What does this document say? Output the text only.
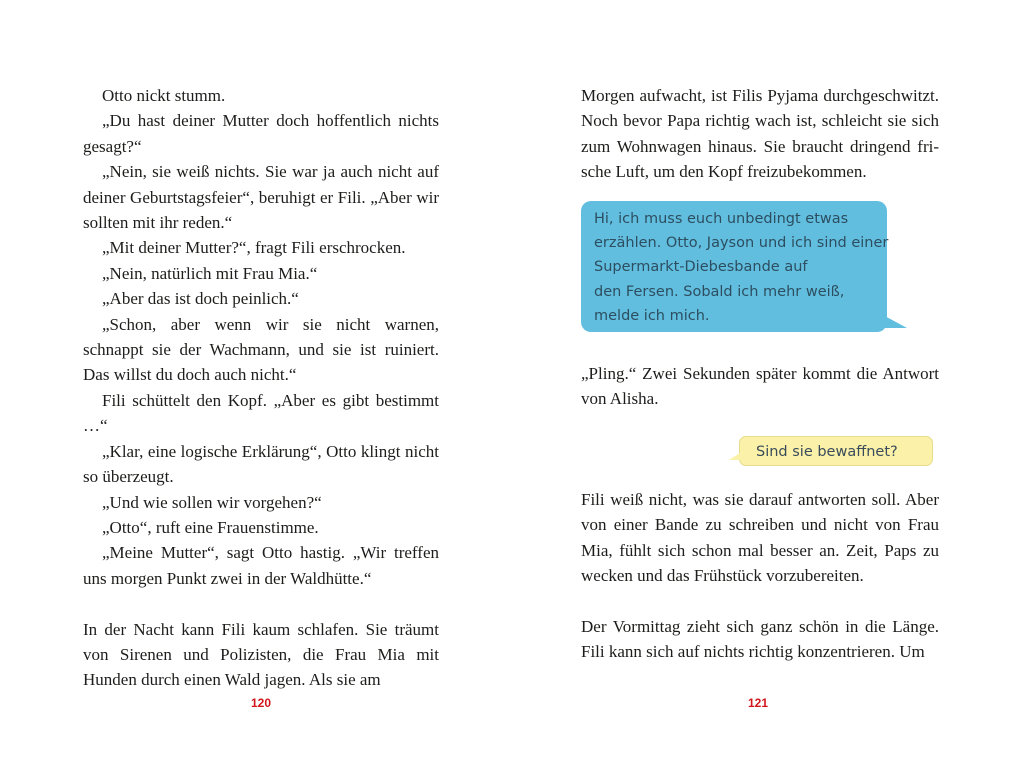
Otto nickt stumm.

„Du hast deiner Mutter doch hoffentlich nichts gesagt?“

„Nein, sie weiß nichts. Sie war ja auch nicht auf deiner Geburtstagsfeier“, beruhigt er Fili. „Aber wir sollten mit ihr reden.“

„Mit deiner Mutter?“, fragt Fili erschrocken.

„Nein, natürlich mit Frau Mia.“

„Aber das ist doch peinlich.“

„Schon, aber wenn wir sie nicht warnen, schnappt sie der Wachmann, und sie ist ruiniert. Das willst du doch auch nicht.“

Fili schüttelt den Kopf. „Aber es gibt bestimmt …“

„Klar, eine logische Erklärung“, Otto klingt nicht so überzeugt.

„Und wie sollen wir vorgehen?“

„Otto“, ruft eine Frauenstimme.

„Meine Mutter“, sagt Otto hastig. „Wir treffen uns morgen Punkt zwei in der Waldhütte.“

In der Nacht kann Fili kaum schlafen. Sie träumt von Sirenen und Polizisten, die Frau Mia mit Hunden durch einen Wald jagen. Als sie am

120

Morgen aufwacht, ist Filis Pyjama durchgeschwitzt. Noch bevor Papa richtig wach ist, schleicht sie sich zum Wohnwagen hinaus. Sie braucht dringend fri-sche Luft, um den Kopf freizubekommen.

Hi, ich muss euch unbedingt etwas
erzählen. Otto, Jayson und ich sind einer
Supermarkt-Diebesbande auf
den Fersen. Sobald ich mehr weiß,
melde ich mich.

„Pling.“ Zwei Sekunden später kommt die Antwort von Alisha.

Sind sie bewaffnet?

Fili weiß nicht, was sie darauf antworten soll. Aber von einer Bande zu schreiben und nicht von Frau Mia, fühlt sich schon mal besser an. Zeit, Paps zu wecken und das Frühstück vorzubereiten.

Der Vormittag zieht sich ganz schön in die Länge. Fili kann sich auf nichts richtig konzentrieren. Um

121
